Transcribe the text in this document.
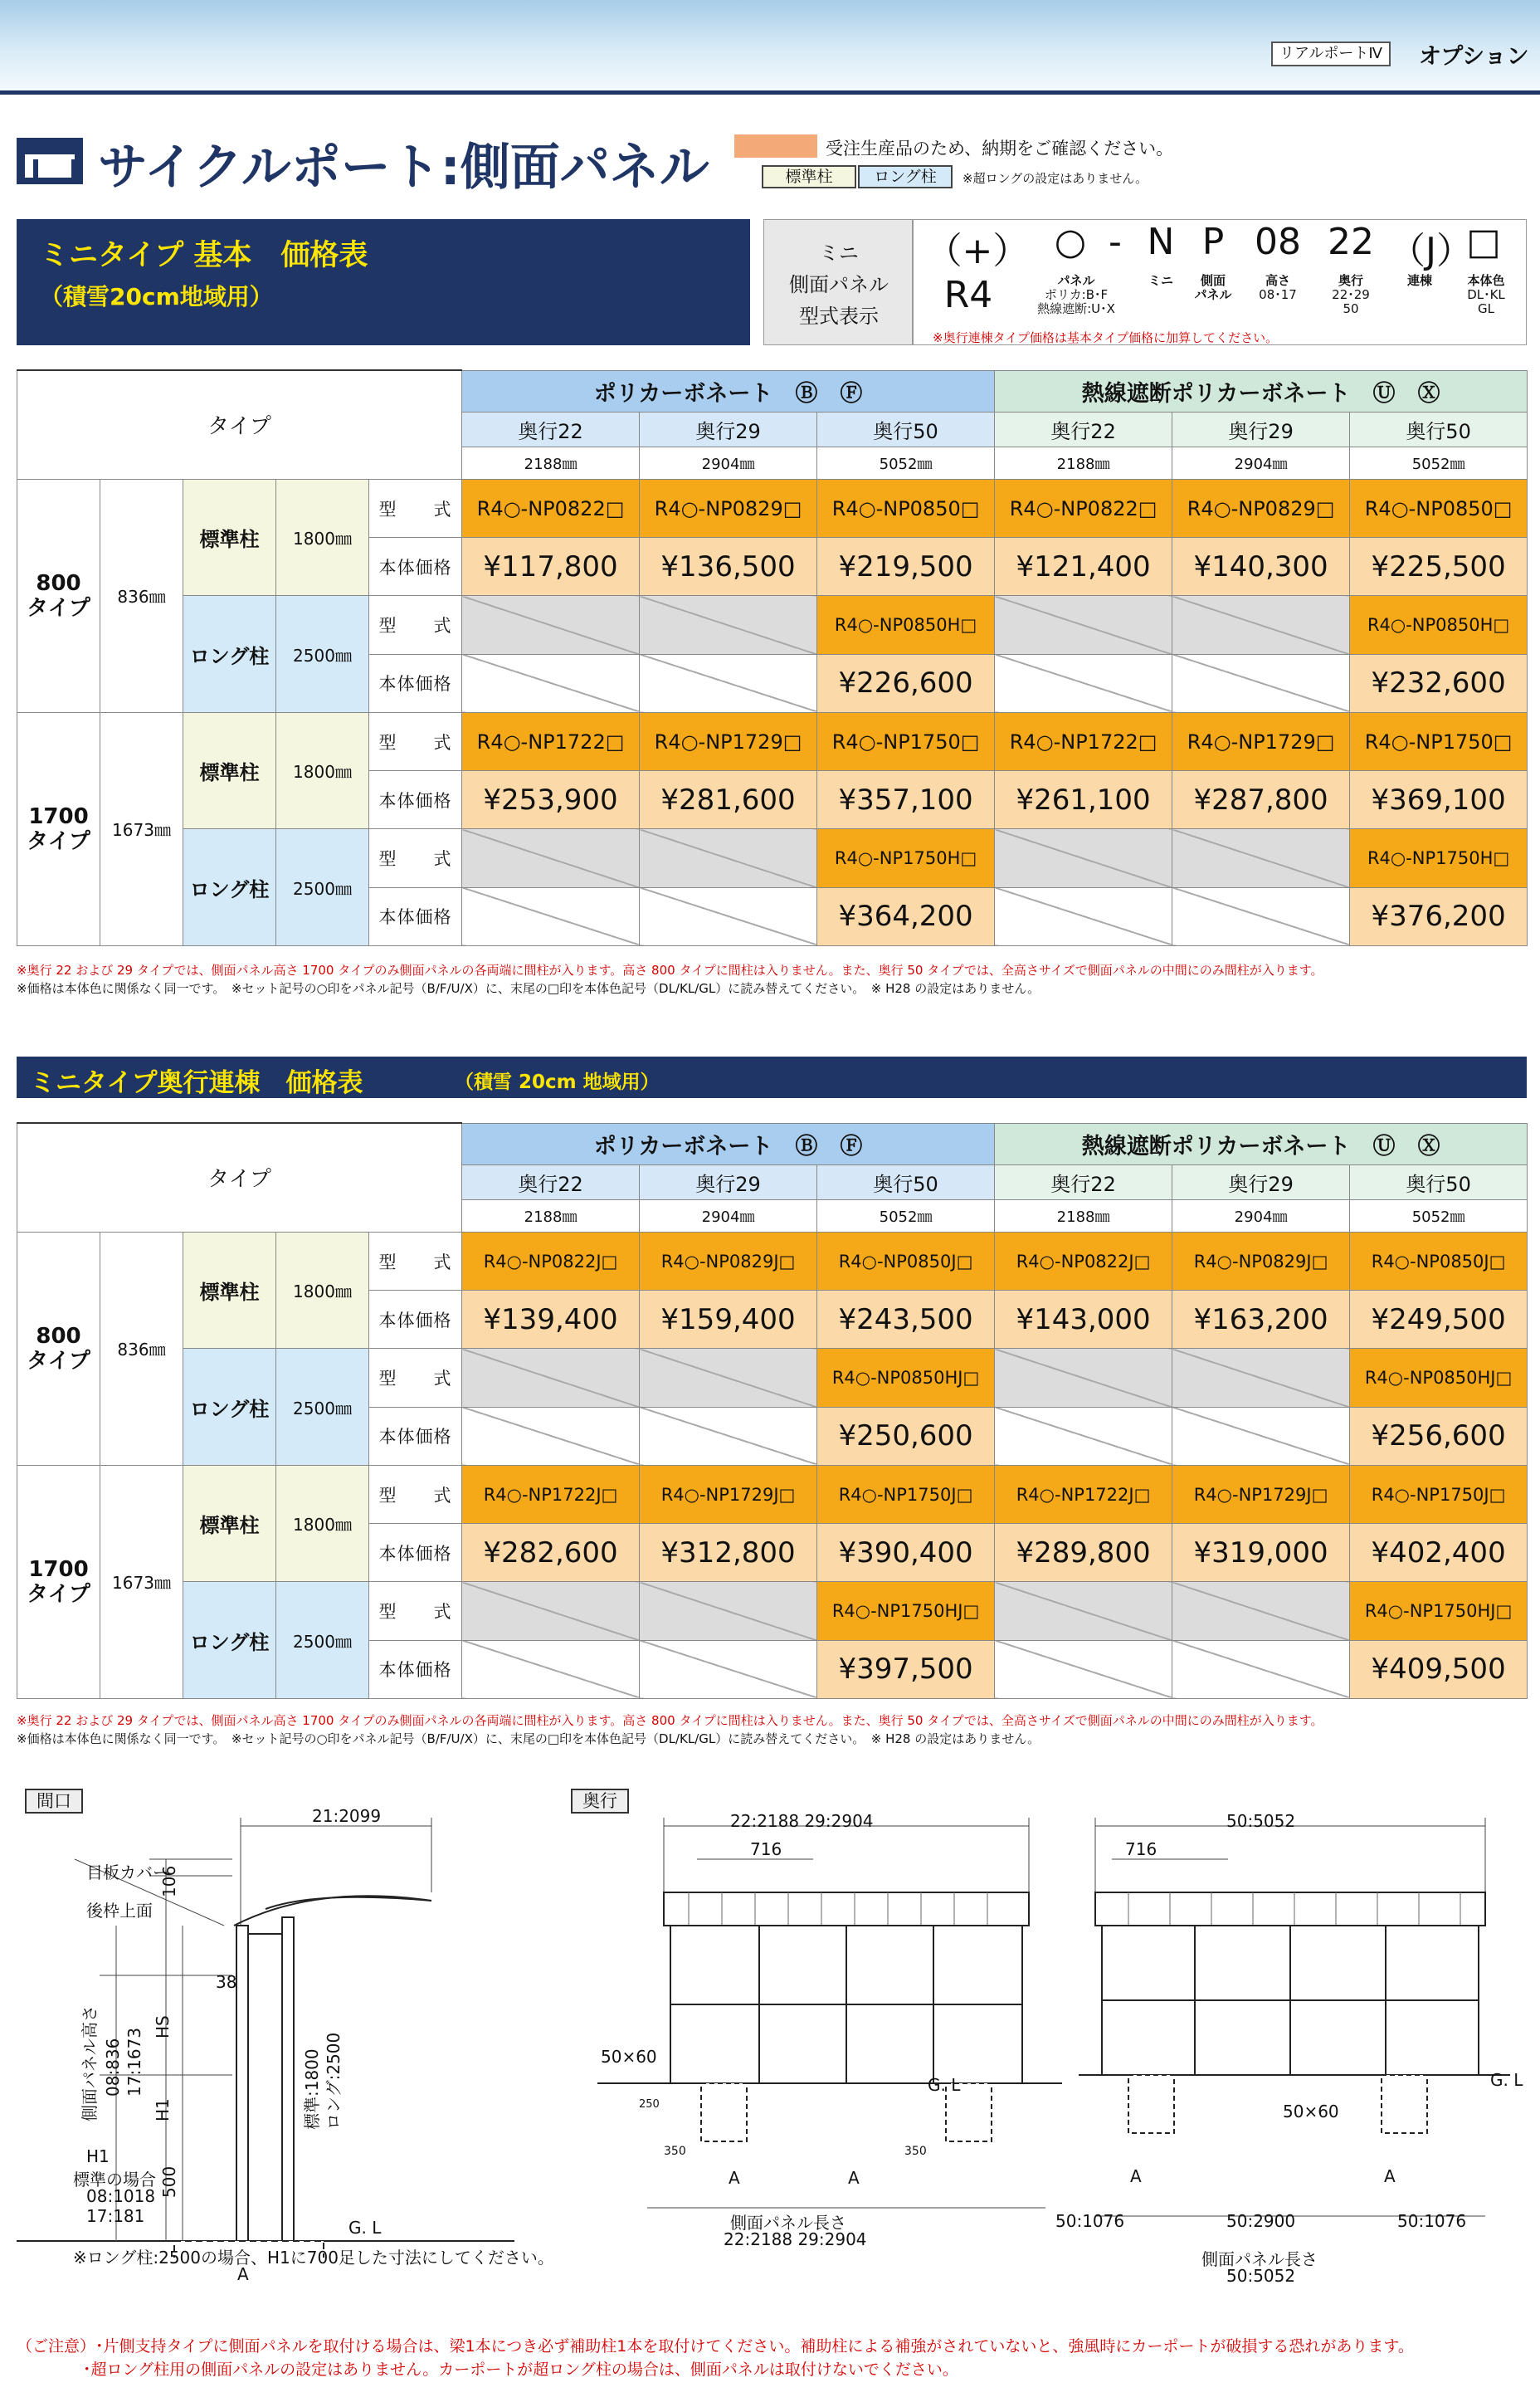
リアルポートⅣ	オプション
サイクルポート:側面パネル	受注生産品のため、納期をご確認ください。
標準柱	ロング柱	※超ロングの設定はありません。
ミニタイプ 基本　価格表
（積雪20cm地域用）
ミニ
側面パネル
型式表示
（+）R4
○ - N P 08 22 （J）
□
パネル
ポリカ:B･F
熱線遮断:U･X
ミニ	側面
パネル
高さ
08･17
奥行
22･29
50
連棟	本体色
DL･KL
GL
※奥行連棟タイプ価格は基本タイプ価格に加算してください。
タイプ					ポリカーボネート　Ⓑ　Ⓕ			熱線遮断ポリカーボネート　Ⓤ　Ⓧ		
					奥行22	奥行29	奥行50	奥行22	奥行29	奥行50
					2188㎜	2904㎜	5052㎜	2188㎜	2904㎜	5052㎜
800
タイプ	836㎜	標準柱	1800㎜	型　　式	R4○-NP0822□	R4○-NP0829□	R4○-NP0850□	R4○-NP0822□	R4○-NP0829□	R4○-NP0850□
				本体価格	¥117,800	¥136,500	¥219,500	¥121,400	¥140,300	¥225,500
		ロング柱	2500㎜	型　　式			R4○-NP0850H□			R4○-NP0850H□
				本体価格			¥226,600			¥232,600
1700
タイプ	1673㎜	標準柱	1800㎜	型　　式	R4○-NP1722□	R4○-NP1729□	R4○-NP1750□	R4○-NP1722□	R4○-NP1729□	R4○-NP1750□
				本体価格	¥253,900	¥281,600	¥357,100	¥261,100	¥287,800	¥369,100
		ロング柱	2500㎜	型　　式			R4○-NP1750H□			R4○-NP1750H□
				本体価格			¥364,200			¥376,200
※奥行 22 および 29 タイプでは、側面パネル高さ 1700 タイプのみ側面パネルの各両端に間柱が入ります。高さ 800 タイプに間柱は入りません。また、奥行 50 タイプでは、全高さサイズで側面パネルの中間にのみ間柱が入ります。
※価格は本体色に関係なく同一です。　※セット記号の○印をパネル記号（B/F/U/X）に、末尾の□印を本体色記号（DL/KL/GL）に読み替えてください。　※ H28 の設定はありません。
ミニタイプ奥行連棟　価格表	（積雪 20cm 地域用）
タイプ					ポリカーボネート　Ⓑ　Ⓕ			熱線遮断ポリカーボネート　Ⓤ　Ⓧ		
					奥行22	奥行29	奥行50	奥行22	奥行29	奥行50
					2188㎜	2904㎜	5052㎜	2188㎜	2904㎜	5052㎜
800
タイプ	836㎜	標準柱	1800㎜	型　　式	R4○-NP0822J□	R4○-NP0829J□	R4○-NP0850J□	R4○-NP0822J□	R4○-NP0829J□	R4○-NP0850J□
				本体価格	¥139,400	¥159,400	¥243,500	¥143,000	¥163,200	¥249,500
		ロング柱	2500㎜	型　　式			R4○-NP0850HJ□			R4○-NP0850HJ□
				本体価格			¥250,600			¥256,600
1700
タイプ	1673㎜	標準柱	1800㎜	型　　式	R4○-NP1722J□	R4○-NP1729J□	R4○-NP1750J□	R4○-NP1722J□	R4○-NP1729J□	R4○-NP1750J□
				本体価格	¥282,600	¥312,800	¥390,400	¥289,800	¥319,000	¥402,400
		ロング柱	2500㎜	型　　式			R4○-NP1750HJ□			R4○-NP1750HJ□
				本体価格			¥397,500			¥409,500
※奥行 22 および 29 タイプでは、側面パネル高さ 1700 タイプのみ側面パネルの各両端に間柱が入ります。高さ 800 タイプに間柱は入りません。また、奥行 50 タイプでは、全高さサイズで側面パネルの中間にのみ間柱が入ります。
※価格は本体色に関係なく同一です。　※セット記号の○印をパネル記号（B/F/U/X）に、末尾の□印を本体色記号（DL/KL/GL）に読み替えてください。　※ H28 の設定はありません。
間口
21:2099
目板カバー
後枠上面
106
38
HS
H1
500
G. L
A
側面パネル高さ 08:836 17:1673	標準:1800 ロング:2500
H1
標準の場合
08:1018
17:181
※ロング柱:2500の場合、H1に700足した寸法にしてください。
奥行
22:2188 29:2904
716
50×60
G. L
250
350	350
A	A
側面パネル長さ
22:2188 29:2904
50:5052
716
50×60
G. L
A	A
50:1076	50:2900	50:1076
側面パネル長さ
50:5052
（ご注意）･片側支持タイプに側面パネルを取付ける場合は、梁1本につき必ず補助柱1本を取付けてください。補助柱による補強がされていないと、強風時にカーポートが破損する恐れがあります。
･超ロング柱用の側面パネルの設定はありません。カーポートが超ロング柱の場合は、側面パネルは取付けないでください。
